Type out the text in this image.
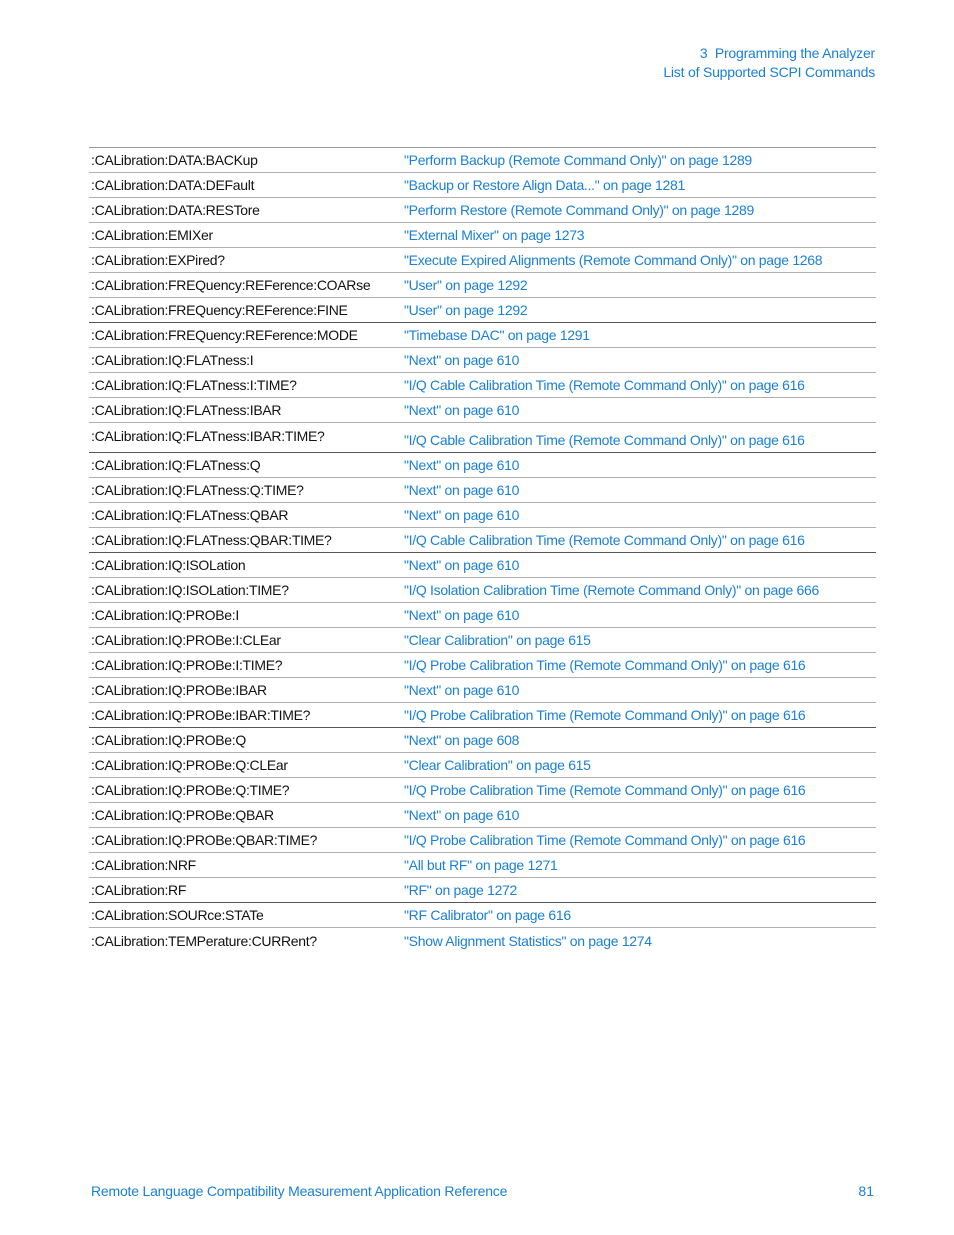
3  Programming the Analyzer
List of Supported SCPI Commands
:CALibration:DATA:BACKup	"Perform Backup (Remote Command Only)" on page 1289
:CALibration:DATA:DEFault	"Backup or Restore Align Data..." on page 1281
:CALibration:DATA:RESTore	"Perform Restore (Remote Command Only)" on page 1289
:CALibration:EMIXer	"External Mixer" on page 1273
:CALibration:EXPired?	"Execute Expired Alignments (Remote Command Only)" on page 1268
:CALibration:FREQuency:REFerence:COARse	"User" on page 1292
:CALibration:FREQuency:REFerence:FINE	"User" on page 1292
:CALibration:FREQuency:REFerence:MODE	"Timebase DAC" on page 1291
:CALibration:IQ:FLATness:I	"Next" on page 610
:CALibration:IQ:FLATness:I:TIME?	"I/Q Cable Calibration Time (Remote Command Only)" on page 616
:CALibration:IQ:FLATness:IBAR	"Next" on page 610
:CALibration:IQ:FLATness:IBAR:TIME?	"I/Q Cable Calibration Time (Remote Command Only)" on page 616
:CALibration:IQ:FLATness:Q	"Next" on page 610
:CALibration:IQ:FLATness:Q:TIME?	"Next" on page 610
:CALibration:IQ:FLATness:QBAR	"Next" on page 610
:CALibration:IQ:FLATness:QBAR:TIME?	"I/Q Cable Calibration Time (Remote Command Only)" on page 616
:CALibration:IQ:ISOLation	"Next" on page 610
:CALibration:IQ:ISOLation:TIME?	"I/Q Isolation Calibration Time (Remote Command Only)" on page 666
:CALibration:IQ:PROBe:I	"Next" on page 610
:CALibration:IQ:PROBe:I:CLEar	"Clear Calibration" on page 615
:CALibration:IQ:PROBe:I:TIME?	"I/Q Probe Calibration Time (Remote Command Only)" on page 616
:CALibration:IQ:PROBe:IBAR	"Next" on page 610
:CALibration:IQ:PROBe:IBAR:TIME?	"I/Q Probe Calibration Time (Remote Command Only)" on page 616
:CALibration:IQ:PROBe:Q	"Next" on page 608
:CALibration:IQ:PROBe:Q:CLEar	"Clear Calibration" on page 615
:CALibration:IQ:PROBe:Q:TIME?	"I/Q Probe Calibration Time (Remote Command Only)" on page 616
:CALibration:IQ:PROBe:QBAR	"Next" on page 610
:CALibration:IQ:PROBe:QBAR:TIME?	"I/Q Probe Calibration Time (Remote Command Only)" on page 616
:CALibration:NRF	"All but RF" on page 1271
:CALibration:RF	"RF" on page 1272
:CALibration:SOURce:STATe	"RF Calibrator" on page 616
:CALibration:TEMPerature:CURRent?	"Show Alignment Statistics" on page 1274
Remote Language Compatibility Measurement Application Reference	81
